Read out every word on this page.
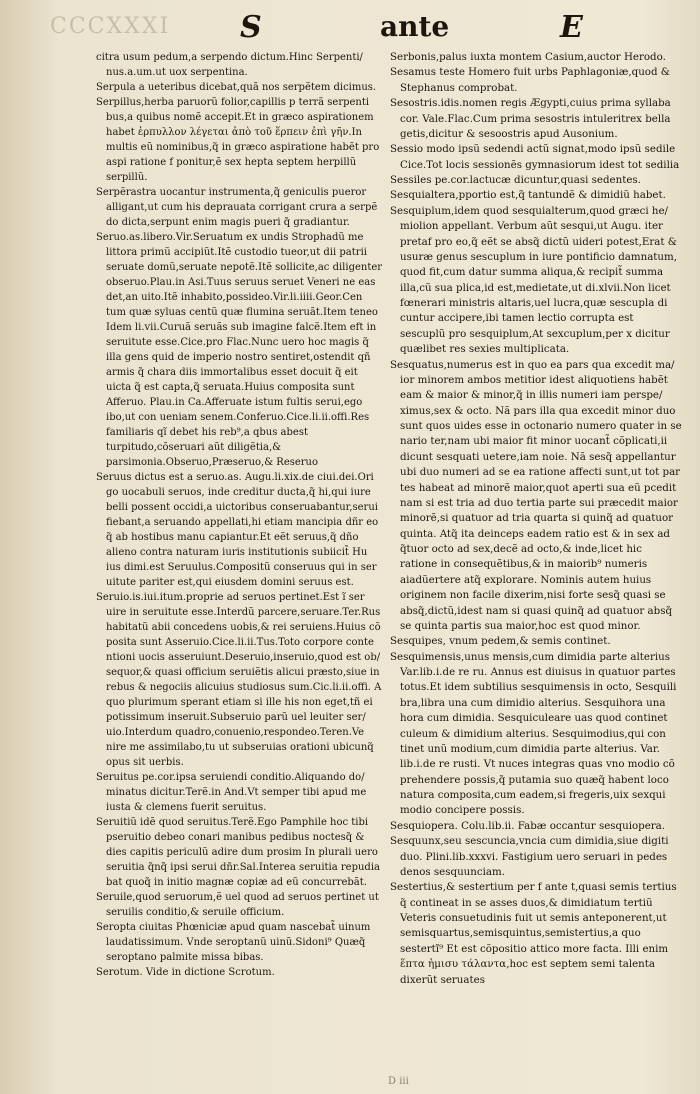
CCCXXXI S	ante	E

citra usum pedum,a serpendo dictum.Hinc Serpenti/ nus.a.um.ut uox serpentina.

Serpula a ueteribus dicebat,quã nos serpẽtem dicimus.

Serpillus,herba paruorũ folior,capillis p terrã serpenti bus,a quibus nomẽ accepit.Et in græco aspirationem habet ἑρπυλλον λέγεται ἀπὸ τοῦ ἕρπειν ἐπὶ γῆν.In multis eũ nominibus,q̃ in græco aspiratione habẽt pro aspi ratione f ponitur,ẽ sex hepta septem herpillũ serpillũ.

Serpẽrastra uocantur instrumenta,q̃ geniculis pueror alligant,ut cum his deprauata corrigant crura a serpẽ do dicta,serpunt enim magis pueri q̃ gradiantur.

Seruo.as.libero.Vir.Seruatum ex undis Strophadũ me littora primũ accipiũt.Itẽ custodio tueor,ut dii patrii seruate domũ,seruate nepotẽ.Itẽ sollicite,ac diligenter obseruo.Plau.in Asi.Tuus seruus seruet Veneri ne eas det,an uito.Itẽ inhabito,possideo.Vir.li.iiii.Geor.Cen tum quæ syluas centũ quæ flumina seruãt.Item teneo Idem li.vii.Curuã seruãs sub imagine falcẽ.Item eft in seruitute esse.Cice.pro Flac.Nunc uero hoc magis q̃ illa gens quid de imperio nostro sentiret,ostendit qñ armis q̃ chara diis immortalibus esset docuit q̃ eit uicta q̃ est capta,q̃ seruata.Huius composita sunt Afferuo. Plau.in Ca.Afferuate istum fultis serui,ego ibo,ut con ueniam senem.Conferuo.Cice.li.ii.offi.Res familiaris qĩ debet his reb⁹,a qbus abest turpitudo,cõseruari aũt diligẽtia,& parsimonia.Obseruo,Præseruo,& Reseruo

Seruus dictus est a seruo.as. Augu.li.xix.de ciui.dei.Ori go uocabuli seruos, inde creditur ducta,q̃ hi,qui iure belli possent occidi,a uictoribus conseruabantur,serui fiebant,a seruando appellati,hi etiam mancipia dñr eo q̃ ab hostibus manu capiantur.Et eẽt seruus,q̃ dño alieno contra naturam iuris institutionis subiicit̃ Hu ius dimi.est Seruulus.Compositũ conseruus qui in ser uitute pariter est,qui eiusdem domini seruus est.

Seruio.is.iui.itum.proprie ad seruos pertinet.Est ĩ ser uire in seruitute esse.Interdũ parcere,seruare.Ter.Rus habitatũ abii concedens uobis,& rei seruiens.Huius cõ posita sunt Asseruio.Cice.li.ii.Tus.Toto corpore conte ntioni uocis asseruiunt.Deseruio,inseruio,quod est ob/ sequor,& quasi officium seruiẽtis alicui præsto,siue in rebus & negociis alicuius studiosus sum.Cic.li.ii.offi. A quo plurimum sperant etiam si ille his non eget,tñ ei potissimum inseruit.Subseruio parũ uel leuiter ser/ uio.Interdum quadro,conuenio,respondeo.Teren.Ve nire me assimilabo,tu ut subseruias orationi ubicunq̃ opus sit uerbis.

Seruitus pe.cor.ipsa seruiendi conditio.Aliquando do/ minatus dicitur.Terẽ.in And.Vt semper tibi apud me iusta & clemens fuerit seruitus.

Seruitiũ idẽ quod seruitus.Terẽ.Ego Pamphile hoc tibi pseruitio debeo conari manibus pedibus noctesq̃ & dies capitis periculũ adire dum prosim In plurali uero seruitia q̃nq̃ ipsi serui dñr.Sal.Interea seruitia repudia bat quoq̃ in initio magnæ copiæ ad eũ concurrebãt.

Seruile,quod seruorum,ẽ uel quod ad seruos pertinet ut seruilis conditio,& seruile officium.

Seropta ciuitas Phœniciæ apud quam nascebat̃ uinum laudatissimum. Vnde seroptanũ uinũ.Sidoni⁹ Quæq̃ seroptano palmite missa bibas.

Serotum. Vide in dictione Scrotum.

Serbonis,palus iuxta montem Casium,auctor Herodo.

Sesamus teste Homero fuit urbs Paphlagoniæ,quod & Stephanus comprobat.

Sesostris.idis.nomen regis Ægypti,cuius prima syllaba cor. Vale.Flac.Cum prima sesostris intuleritrex bella getis,dicitur & sesoostris apud Ausonium.

Sessio modo ipsũ sedendi actũ signat,modo ipsũ sedile Cice.Tot locis sessionẽs gymnasiorum idest tot sedilia

Sessiles pe.cor.lactucæ dicuntur,quasi sedentes.

Sesquialtera,pportio est,q̃ tantundẽ & dimidiũ habet.

Sesquiplum,idem quod sesquialterum,quod græci he/ miolion appellant. Verbum aũt sesqui,ut Augu. iter pretaf pro eo,q̃ eẽt se absq̃ dictũ uideri potest,Erat & usuræ genus sescuplum in iure pontificio damnatum, quod fit,cum datur summa aliqua,& recipit̃ summa illa,cũ sua plica,id est,medietate,ut di.xlvii.Non licet fœnerari ministris altaris,uel lucra,quæ sescupla di cuntur accipere,ibi tamen lectio corrupta est sescuplũ pro sesquiplum,At sexcuplum,per x dicitur quælibet res sexies multiplicata.

Sesquatus,numerus est in quo ea pars qua excedit ma/ ior minorem ambos metitior idest aliquotiens habẽt eam & maior & minor,q̃ in illis numeri iam perspe/ ximus,sex & octo. Nã pars illa qua excedit minor duo sunt quos uides esse in octonario numero quater in se nario ter,nam ubi maior fit minor uocant̃ cõplicati,ii dicunt sesquati uetere,iam noie. Nã sesq̃ appellantur ubi duo numeri ad se ea ratione affecti sunt,ut tot par tes habeat ad minorẽ maior,quot aperti sua eũ pcedit nam si est tria ad duo tertia parte sui præcedit maior minorẽ,si quatuor ad tria quarta si quinq̃ ad quatuor quinta. Atq̃ ita deinceps eadem ratio est & in sex ad q̃tuor octo ad sex,decẽ ad octo,& inde,licet hic ratione in consequẽtibus,& in maiorib⁹ numeris aiadũertere atq̃ explorare. Nominis autem huius originem non facile dixerim,nisi forte sesq̃ quasi se absq̃,dictũ,idest nam si quasi quinq̃ ad quatuor absq̃ se quinta partis sua maior,hoc est quod minor.

Sesquipes, vnum pedem,& semis continet.

Sesquimensis,unus mensis,cum dimidia parte alterius Var.lib.i.de re ru. Annus est diuisus in quatuor partes totus.Et idem subtilius sesquimensis in octo, Sesquili bra,libra una cum dimidio alterius. Sesquihora una hora cum dimidia. Sesquiculeare uas quod continet culeum & dimidium alterius. Sesquimodius,qui con tinet unũ modium,cum dimidia parte alterius. Var. lib.i.de re rusti. Vt nuces integras quas vno modio cõ prehendere possis,q̃ putamia suo quæq̃ habent loco natura composita,cum eadem,si fregeris,uix sexqui modio concipere possis.

Sesquiopera. Colu.lib.ii. Fabæ occantur sesquiopera.

Sesquunx,seu sescuncia,vncia cum dimidia,siue digiti duo. Plini.lib.xxxvi. Fastigium uero seruari in pedes denos sesquunciam.

Sestertius,& sestertium per f ante t,quasi semis tertius q̃ contineat in se asses duos,& dimidiatum tertiũ Veteris consuetudinis fuit ut semis anteponerent,ut semisquartus,semisquintus,semistertius,a quo sestertĩ⁹ Et est cõpositio attico more facta. Illi enim ἕπτα ἡμισυ τάλαντα,hoc est septem semi talenta dixerũt seruates

D iii
